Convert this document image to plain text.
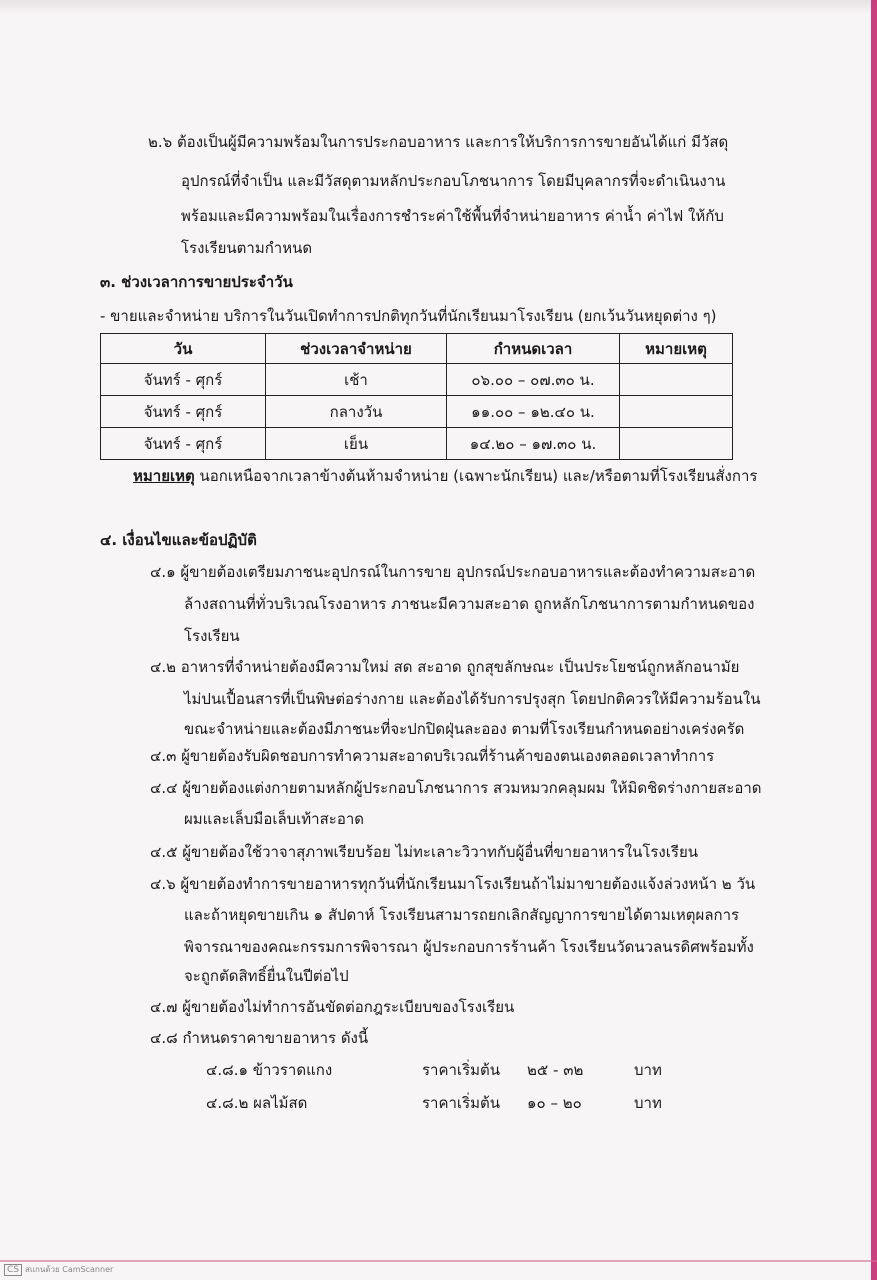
๒.๖ ต้องเป็นผู้มีความพร้อมในการประกอบอาหาร และการให้บริการการขายอันได้แก่ มีวัสดุ
อุปกรณ์ที่จำเป็น และมีวัสดุตามหลักประกอบโภชนาการ โดยมีบุคลากรที่จะดำเนินงาน
พร้อมและมีความพร้อมในเรื่องการชำระค่าใช้พื้นที่จำหน่ายอาหาร ค่าน้ำ ค่าไฟ ให้กับ
โรงเรียนตามกำหนด
๓. ช่วงเวลาการขายประจำวัน
- ขายและจำหน่าย บริการในวันเปิดทำการปกติทุกวันที่นักเรียนมาโรงเรียน (ยกเว้นวันหยุดต่าง ๆ)
วัน	ช่วงเวลาจำหน่าย	กำหนดเวลา	หมายเหตุ
จันทร์ - ศุกร์	เช้า	๐๖.๐๐ – ๐๗.๓๐ น.	
จันทร์ - ศุกร์	กลางวัน	๑๑.๐๐ – ๑๒.๔๐ น.	
จันทร์ - ศุกร์	เย็น	๑๔.๒๐ – ๑๗.๓๐ น.	
หมายเหตุ นอกเหนือจากเวลาข้างต้นห้ามจำหน่าย (เฉพาะนักเรียน) และ/หรือตามที่โรงเรียนสั่งการ
๔. เงื่อนไขและข้อปฏิบัติ
๔.๑ ผู้ขายต้องเตรียมภาชนะอุปกรณ์ในการขาย อุปกรณ์ประกอบอาหารและต้องทำความสะอาด
ล้างสถานที่ทั่วบริเวณโรงอาหาร ภาชนะมีความสะอาด ถูกหลักโภชนาการตามกำหนดของ
โรงเรียน
๔.๒ อาหารที่จำหน่ายต้องมีความใหม่ สด สะอาด ถูกสุขลักษณะ เป็นประโยชน์ถูกหลักอนามัย
ไม่ปนเปื้อนสารที่เป็นพิษต่อร่างกาย และต้องได้รับการปรุงสุก โดยปกติควรให้มีความร้อนใน
ขณะจำหน่ายและต้องมีภาชนะที่จะปกปิดฝุ่นละออง ตามที่โรงเรียนกำหนดอย่างเคร่งครัด
๔.๓ ผู้ขายต้องรับผิดชอบการทำความสะอาดบริเวณที่ร้านค้าของตนเองตลอดเวลาทำการ
๔.๔ ผู้ขายต้องแต่งกายตามหลักผู้ประกอบโภชนาการ สวมหมวกคลุมผม ให้มิดชิดร่างกายสะอาด
ผมและเล็บมือเล็บเท้าสะอาด
๔.๕ ผู้ขายต้องใช้วาจาสุภาพเรียบร้อย ไม่ทะเลาะวิวาทกับผู้อื่นที่ขายอาหารในโรงเรียน
๔.๖ ผู้ขายต้องทำการขายอาหารทุกวันที่นักเรียนมาโรงเรียนถ้าไม่มาขายต้องแจ้งล่วงหน้า ๒ วัน
และถ้าหยุดขายเกิน ๑ สัปดาห์ โรงเรียนสามารถยกเลิกสัญญาการขายได้ตามเหตุผลการ
พิจารณาของคณะกรรมการพิจารณา ผู้ประกอบการร้านค้า โรงเรียนวัดนวลนรดิศพร้อมทั้ง
จะถูกตัดสิทธิ์ยื่นในปีต่อไป
๔.๗ ผู้ขายต้องไม่ทำการอันขัดต่อกฎระเบียบของโรงเรียน
๔.๘ กำหนดราคาขายอาหาร ดังนี้
๔.๘.๑ ข้าวราดแกง	ราคาเริ่มต้น ๒๕ - ๓๒	บาท
๔.๘.๒ ผลไม้สด	ราคาเริ่มต้น ๑๐ – ๒๐	บาท
CS สแกนด้วย CamScanner
